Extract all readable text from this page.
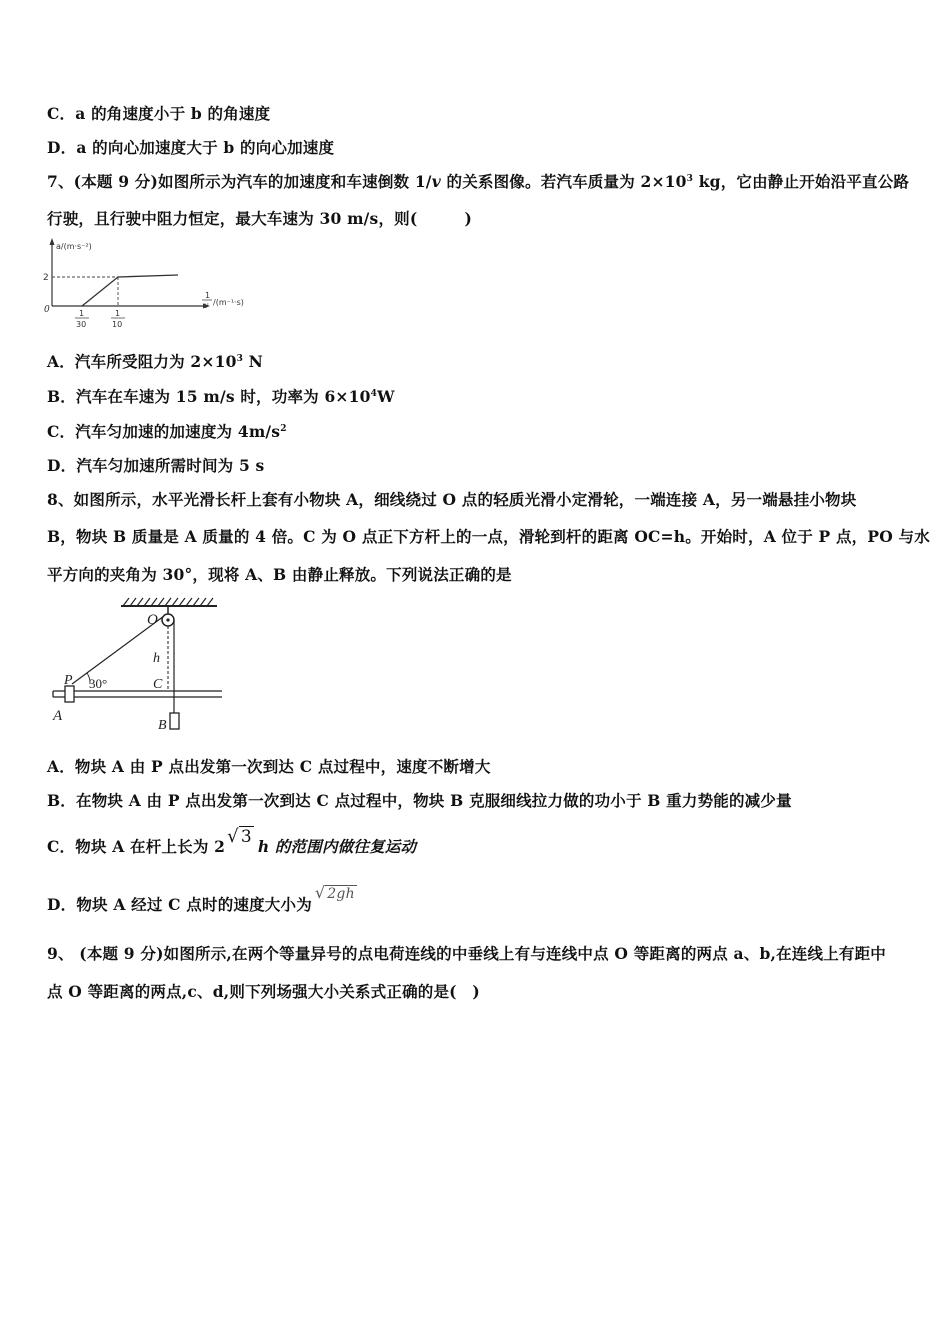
C．a 的角速度小于 b 的角速度
D．a 的向心加速度大于 b 的向心加速度
7、(本题 9 分)如图所示为汽车的加速度和车速倒数 1/v 的关系图像。若汽车质量为 $2\times 10^3$ kg，它由静止开始沿平直公路
行驶，且行驶中阻力恒定，最大车速为 30 m/s，则(　　　)
a/(m·s⁻²)
2
0	1
30
1
10
1
v /(m⁻¹·s)
A．汽车所受阻力为 $2\times 10^3$ N
B．汽车在车速为 15 m/s 时，功率为 $6\times 10^4W$
C．汽车匀加速的加速度为 $4m/s^2$
D．汽车匀加速所需时间为 5 s
8、如图所示，水平光滑长杆上套有小物块 A，细线绕过 O 点的轻质光滑小定滑轮，一端连接 A，另一端悬挂小物块
B，物块 B 质量是 A 质量的 4 倍。C 为 O 点正下方杆上的一点，滑轮到杆的距离 OC=h。开始时，A 位于 P 点，PO 与水
平方向的夹角为 30°，现将 A、B 由静止释放。下列说法正确的是
O
h
P 30°	C
A
B
A．物块 A 由 P 点出发第一次到达 C 点过程中，速度不断增大
B．在物块 A 由 P 点出发第一次到达 C 点过程中，物块 B 克服细线拉力做的功小于 B 重力势能的减少量
C．物块 A 在杆上长为 2 √ 3 h 的范围内做往复运动
D．物块 A 经过 C 点时的速度大小为√ 2gh
9、 (本题 9 分)如图所示,在两个等量异号的点电荷连线的中垂线上有与连线中点 O 等距离的两点 a、b,在连线上有距中
点 O 等距离的两点,c、d,则下列场强大小关系式正确的是(　)
